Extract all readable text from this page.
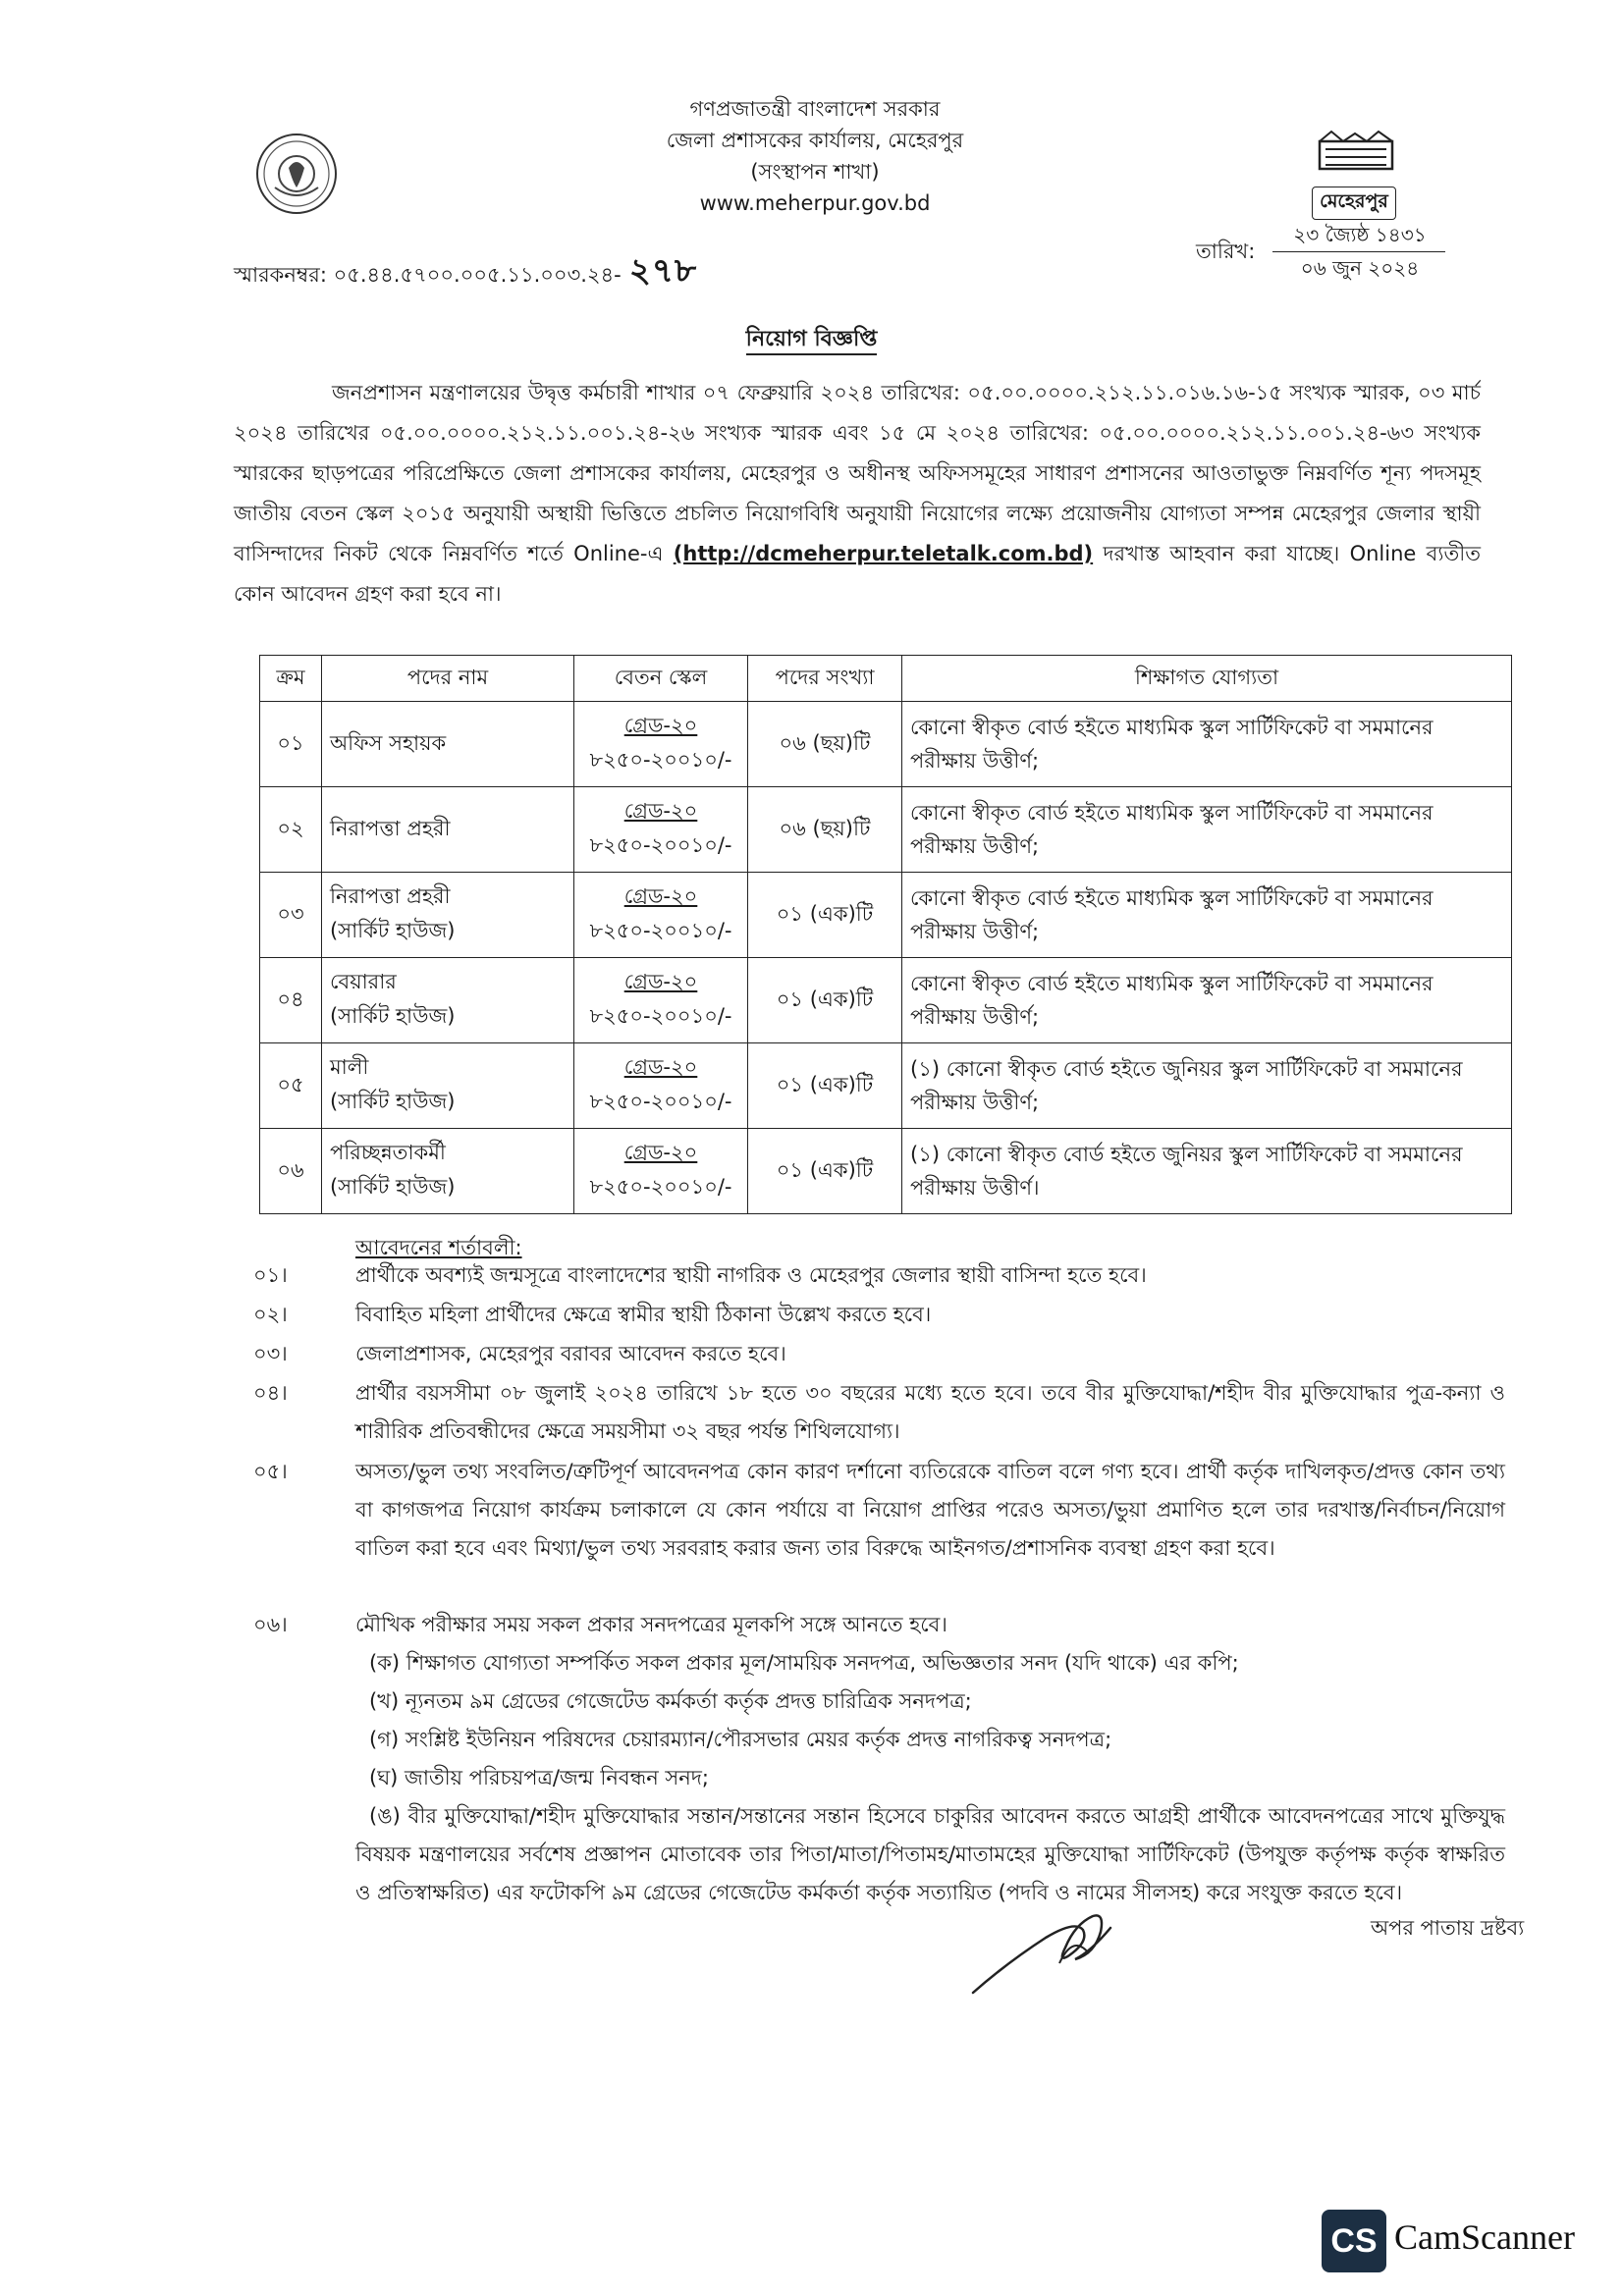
গণপ্রজাতন্ত্রী বাংলাদেশ সরকার
জেলা প্রশাসকের কার্যালয়, মেহেরপুর
(সংস্থাপন শাখা)
www.meherpur.gov.bd	মেহেরপুর
স্মারকনম্বর: ০৫.৪৪.৫৭০০.০০৫.১১.০০৩.২৪- ২৭৮	তারিখ:
২৩ জ্যৈষ্ঠ ১৪৩১
০৬ জুন ২০২৪
নিয়োগ বিজ্ঞপ্তি
জনপ্রশাসন মন্ত্রণালয়ের উদ্বৃত্ত কর্মচারী শাখার ০৭ ফেব্রুয়ারি ২০২৪ তারিখের: ০৫.০০.০০০০.২১২.১১.০১৬.১৬-১৫ সংখ্যক স্মারক, ০৩ মার্চ ২০২৪ তারিখের ০৫.০০.০০০০.২১২.১১.০০১.২৪-২৬ সংখ্যক স্মারক এবং ১৫ মে ২০২৪ তারিখের: ০৫.০০.০০০০.২১২.১১.০০১.২৪-৬৩ সংখ্যক স্মারকের ছাড়পত্রের পরিপ্রেক্ষিতে জেলা প্রশাসকের কার্যালয়, মেহেরপুর ও অধীনস্থ অফিসসমূহের সাধারণ প্রশাসনের আওতাভুক্ত নিম্নবর্ণিত শূন্য পদসমূহ জাতীয় বেতন স্কেল ২০১৫ অনুযায়ী অস্থায়ী ভিত্তিতে প্রচলিত নিয়োগবিধি অনুযায়ী নিয়োগের লক্ষ্যে প্রয়োজনীয় যোগ্যতা সম্পন্ন মেহেরপুর জেলার স্থায়ী বাসিন্দাদের নিকট থেকে নিম্নবর্ণিত শর্তে Online-এ (http://dcmeherpur.teletalk.com.bd) দরখাস্ত আহবান করা যাচ্ছে। Online ব্যতীত কোন আবেদন গ্রহণ করা হবে না।
ক্রম	পদের নাম	বেতন স্কেল	পদের সংখ্যা	শিক্ষাগত যোগ্যতা
০১	অফিস সহায়ক	গ্রেড-২০
৮২৫০-২০০১০/-	০৬ (ছয়)টি	কোনো স্বীকৃত বোর্ড হইতে মাধ্যমিক স্কুল সার্টিফিকেট বা সমমানের পরীক্ষায় উত্তীর্ণ;
০২	নিরাপত্তা প্রহরী	গ্রেড-২০
৮২৫০-২০০১০/-	০৬ (ছয়)টি	কোনো স্বীকৃত বোর্ড হইতে মাধ্যমিক স্কুল সার্টিফিকেট বা সমমানের পরীক্ষায় উত্তীর্ণ;
০৩	নিরাপত্তা প্রহরী
(সার্কিট হাউজ)	গ্রেড-২০
৮২৫০-২০০১০/-	০১ (এক)টি	কোনো স্বীকৃত বোর্ড হইতে মাধ্যমিক স্কুল সার্টিফিকেট বা সমমানের পরীক্ষায় উত্তীর্ণ;
০৪	বেয়ারার
(সার্কিট হাউজ)	গ্রেড-২০
৮২৫০-২০০১০/-	০১ (এক)টি	কোনো স্বীকৃত বোর্ড হইতে মাধ্যমিক স্কুল সার্টিফিকেট বা সমমানের পরীক্ষায় উত্তীর্ণ;
০৫	মালী
(সার্কিট হাউজ)	গ্রেড-২০
৮২৫০-২০০১০/-	০১ (এক)টি	(১) কোনো স্বীকৃত বোর্ড হইতে জুনিয়র স্কুল সার্টিফিকেট বা সমমানের পরীক্ষায় উত্তীর্ণ;
০৬	পরিচ্ছন্নতাকর্মী
(সার্কিট হাউজ)	গ্রেড-২০
৮২৫০-২০০১০/-	০১ (এক)টি	(১) কোনো স্বীকৃত বোর্ড হইতে জুনিয়র স্কুল সার্টিফিকেট বা সমমানের পরীক্ষায় উত্তীর্ণ।
আবেদনের শর্তাবলী:
০১।	প্রার্থীকে অবশ্যই জন্মসূত্রে বাংলাদেশের স্থায়ী নাগরিক ও মেহেরপুর জেলার স্থায়ী বাসিন্দা হতে হবে।
০২।	বিবাহিত মহিলা প্রার্থীদের ক্ষেত্রে স্বামীর স্থায়ী ঠিকানা উল্লেখ করতে হবে।
০৩।	জেলাপ্রশাসক, মেহেরপুর বরাবর আবেদন করতে হবে।
০৪।	প্রার্থীর বয়সসীমা ০৮ জুলাই ২০২৪ তারিখে ১৮ হতে ৩০ বছরের মধ্যে হতে হবে। তবে বীর মুক্তিযোদ্ধা/শহীদ বীর মুক্তিযোদ্ধার পুত্র-কন্যা ও শারীরিক প্রতিবন্ধীদের ক্ষেত্রে সময়সীমা ৩২ বছর পর্যন্ত শিথিলযোগ্য।
০৫।	অসত্য/ভুল তথ্য সংবলিত/ত্রুটিপূর্ণ আবেদনপত্র কোন কারণ দর্শানো ব্যতিরেকে বাতিল বলে গণ্য হবে। প্রার্থী কর্তৃক দাখিলকৃত/প্রদত্ত কোন তথ্য বা কাগজপত্র নিয়োগ কার্যক্রম চলাকালে যে কোন পর্যায়ে বা নিয়োগ প্রাপ্তির পরেও অসত্য/ভুয়া প্রমাণিত হলে তার দরখাস্ত/নির্বাচন/নিয়োগ বাতিল করা হবে এবং মিথ্যা/ভুল তথ্য সরবরাহ করার জন্য তার বিরুদ্ধে আইনগত/প্রশাসনিক ব্যবস্থা গ্রহণ করা হবে।
০৬।	মৌখিক পরীক্ষার সময় সকল প্রকার সনদপত্রের মূলকপি সঙ্গে আনতে হবে।
(ক) শিক্ষাগত যোগ্যতা সম্পর্কিত সকল প্রকার মূল/সাময়িক সনদপত্র, অভিজ্ঞতার সনদ (যদি থাকে) এর কপি;
(খ) ন্যূনতম ৯ম গ্রেডের গেজেটেড কর্মকর্তা কর্তৃক প্রদত্ত চারিত্রিক সনদপত্র;
(গ) সংশ্লিষ্ট ইউনিয়ন পরিষদের চেয়ারম্যান/পৌরসভার মেয়র কর্তৃক প্রদত্ত নাগরিকত্ব সনদপত্র;
(ঘ) জাতীয় পরিচয়পত্র/জন্ম নিবন্ধন সনদ;
(ঙ) বীর মুক্তিযোদ্ধা/শহীদ মুক্তিযোদ্ধার সন্তান/সন্তানের সন্তান হিসেবে চাকুরির আবেদন করতে আগ্রহী প্রার্থীকে আবেদনপত্রের সাথে মুক্তিযুদ্ধ বিষয়ক মন্ত্রণালয়ের সর্বশেষ প্রজ্ঞাপন মোতাবেক তার পিতা/মাতা/পিতামহ/মাতামহের মুক্তিযোদ্ধা সার্টিফিকেট (উপযুক্ত কর্তৃপক্ষ কর্তৃক স্বাক্ষরিত ও প্রতিস্বাক্ষরিত) এর ফটোকপি ৯ম গ্রেডের গেজেটেড কর্মকর্তা কর্তৃক সত্যায়িত (পদবি ও নামের সীলসহ) করে সংযুক্ত করতে হবে।
অপর পাতায় দ্রষ্টব্য
CS CamScanner
